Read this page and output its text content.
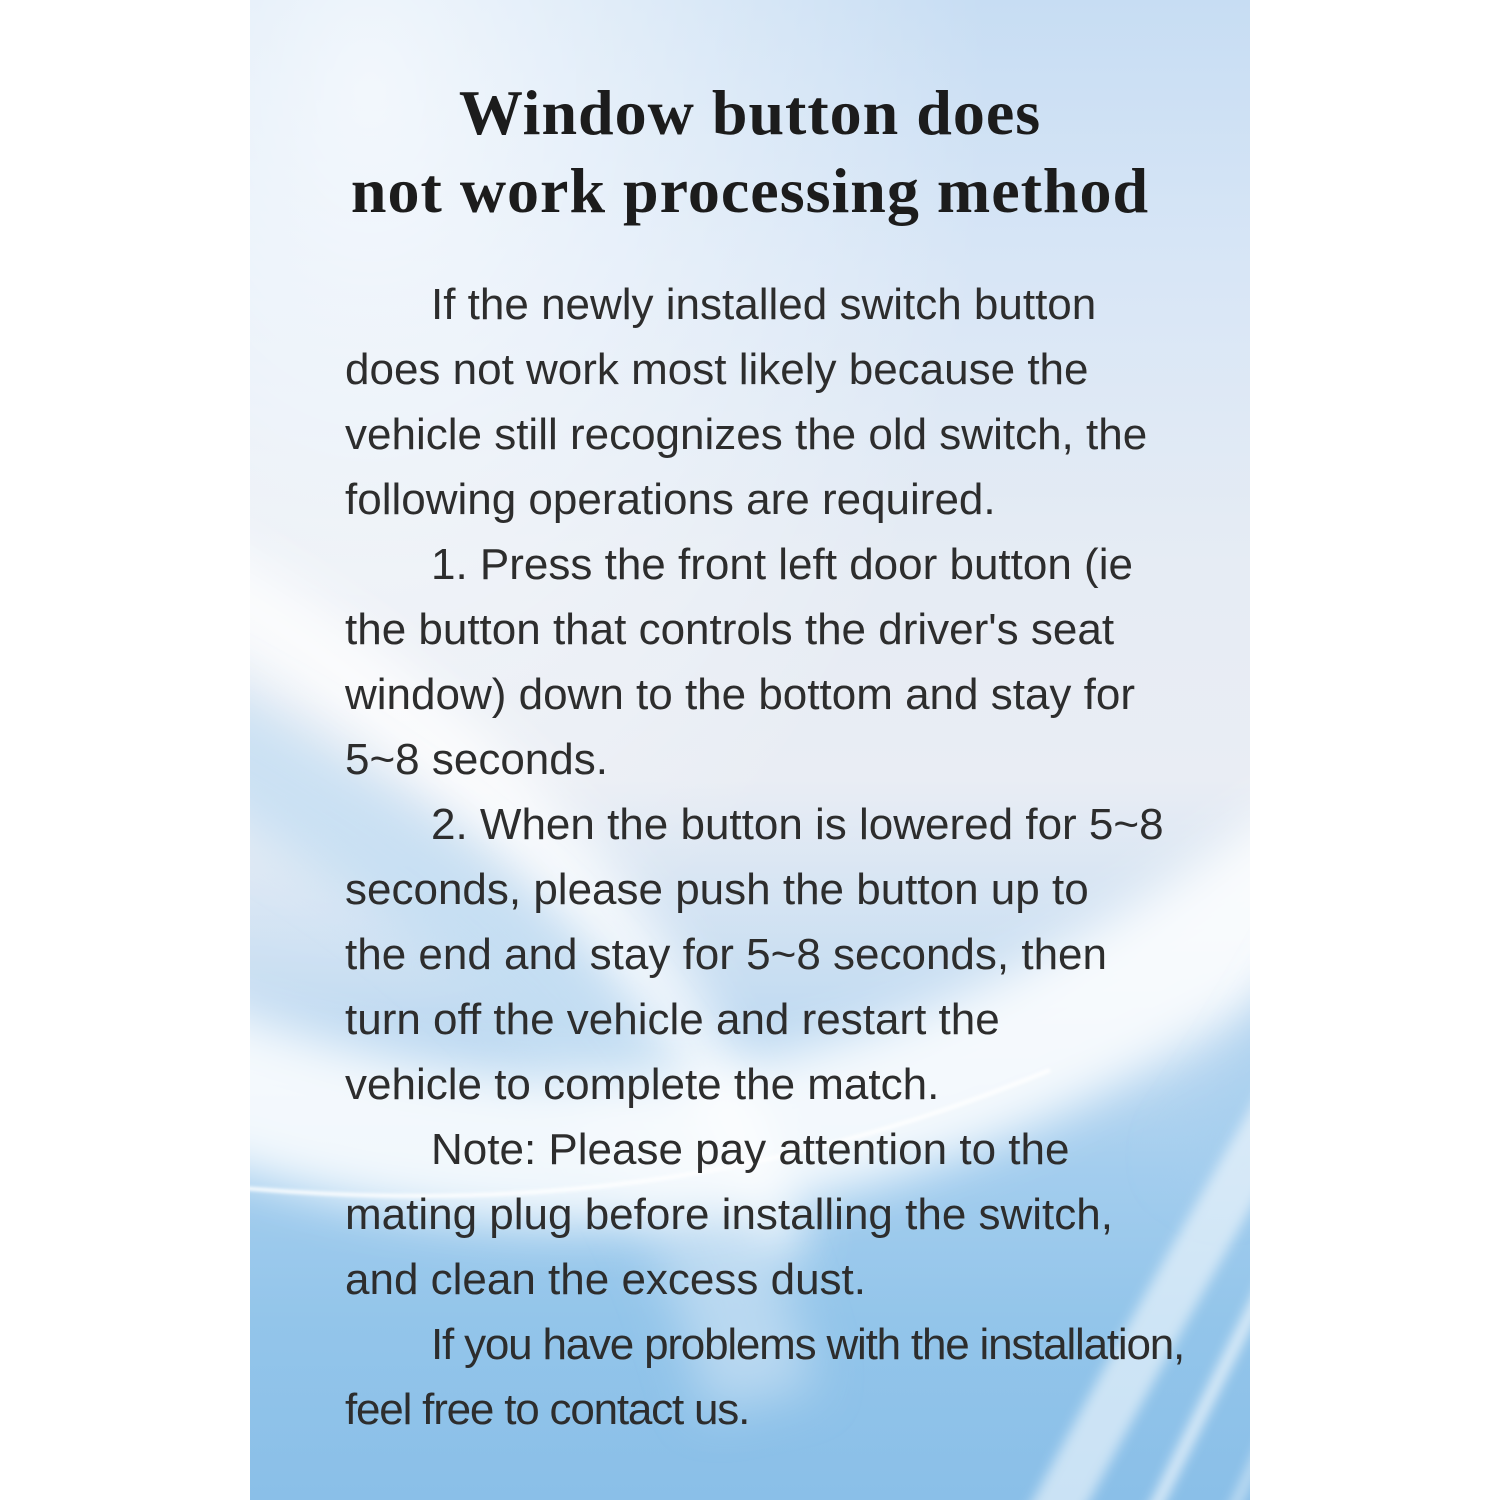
Window button does
not work processing method
If the newly installed switch button
does not work most likely because the
vehicle still recognizes the old switch, the
following operations are required.
1. Press the front left door button (ie
the button that controls the driver's seat
window) down to the bottom and stay for
5~8 seconds.
2. When the button is lowered for 5~8
seconds, please push the button up to
the end and stay for 5~8 seconds, then
turn off the vehicle and restart the
vehicle to complete the match.
Note: Please pay attention to the
mating plug before installing the switch,
and clean the excess dust.
If you have problems with the installation,
feel free to contact us.
